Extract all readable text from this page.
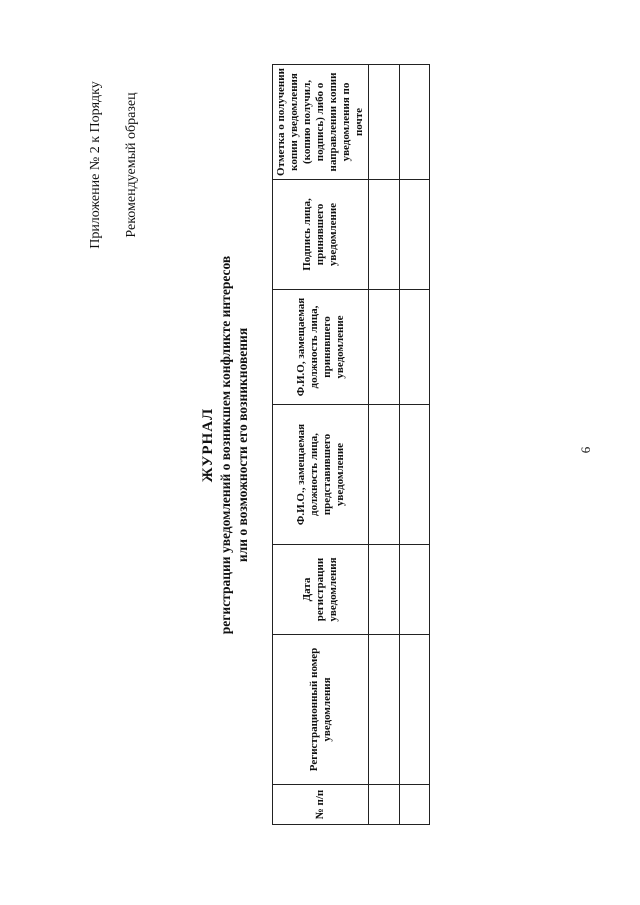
6
Приложение № 2 к Порядку Рекомендуемый образец
ЖУРНАЛ регистрации уведомлений о возникшем конфликте интересов или о возможности его возникновения
№ п/п	Регистрационный номер уведомления	Дата регистрации уведомления	Ф.И.О., замещаемая должность лица, представившего уведомление	Ф.И.О, замещаемая должность лица, принявшего уведомление	Подпись лица, принявшего уведомление	Отметка о получении копии уведомления (копию получил, подпись) либо о направлении копии уведомления по почте
